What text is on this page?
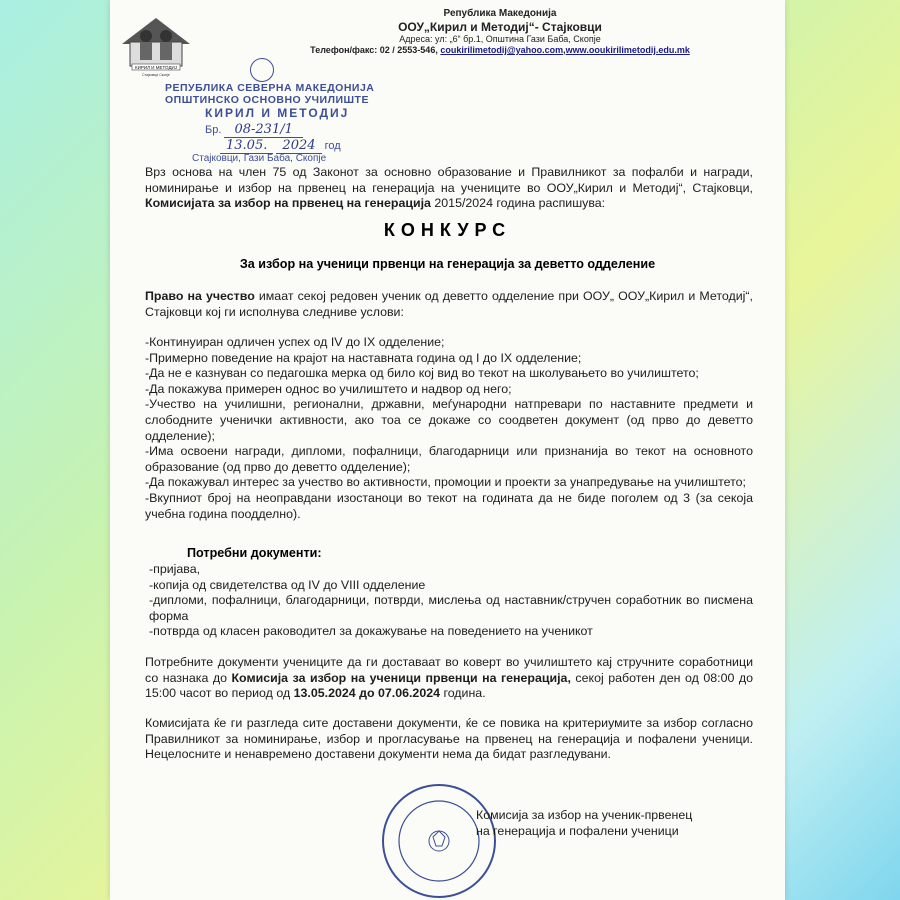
КИРИЛ И МЕТОДИЈ
Стајковци Скопје
Република Македонија
ООУ„Кирил и Методиј“- Стајковци
Адреса: ул: „6“ бр.1, Општина Гази Баба, Скопје
Телефон/факс: 02 / 2553-546, coukirilimetodij@yahoo.com,www.oоukirilimetodij.edu.mk
РЕПУБЛИКА СЕВЕРНА МАКЕДОНИЈА
ОПШТИНСКО ОСНОВНО УЧИЛИШТЕ
КИРИЛ И МЕТОДИЈ
Бр. 08-231/1
13.05. 2024 год
Стајковци, Гази Баба, Скопје

Врз основа на член 75 од Законот за основно образование и Правилникот за пофалби и награди, номинирање и избор на првенец на генерација на учениците во ООУ„Кирил и Методиј“, Стајковци, Комисијата за избор на првенец на генерација 2015/2024 година распишува:

КОНКУРС
За избор на ученици првенци на генерација за деветто одделение

Право на учество имаат секој редовен ученик од деветто одделение при ООУ„ ООУ„Кирил и Методиј“, Стајковци кој ги исполнува следниве услови:

-Континуиран одличен успех од IV до IX одделение;
-Примерно поведение на крајот на наставната година од I до IX одделение;
-Да не е казнуван со педагошка мерка од било кој вид во текот на школувањето во училиштето;
-Да покажува примерен однос во училиштето и надвор од него;
-Учество на училишни, регионални, државни, меѓународни натпревари по наставните предмети и слободните ученички активности, ако тоа се докаже со соодветен документ (од прво до деветто одделение);
-Има освоени награди, дипломи, пофалници, благодарници или признанија во текот на основното образование (од прво до деветто одделение);
-Да покажувал интерес за учество во активности, промоции и проекти за унапредување на училиштето;
-Вкупниот број на неоправдани изостаноци во текот на годината да не биде поголем од 3 (за секоја учебна година поодделно).
Потребни документи:
-пријава,
-копија од свидетелства од IV до VIII одделение
-дипломи, пофалници, благодарници, потврди, мислења од наставник/стручен соработник во писмена форма
-потврда од класен раководител за докажување на поведението на ученикот

Потребните документи учениците да ги доставаат во коверт во училиштето кај стручните соработници со назнака до Комисија за избор на ученици првенци на генерација, секој работен ден од 08:00 до 15:00 часот во период од 13.05.2024 до 07.06.2024 година.

Комисијата ќе ги разгледа сите доставени документи, ќе се повика на критериумите за избор согласно Правилникот за номинирање, избор и прогласување на првенец на генерација и пофалени ученици. Нецелосните и ненавремено доставени документи нема да бидат разгледувани.

Комисија за избор на ученик-првенец
на генерација и пофалени ученици
